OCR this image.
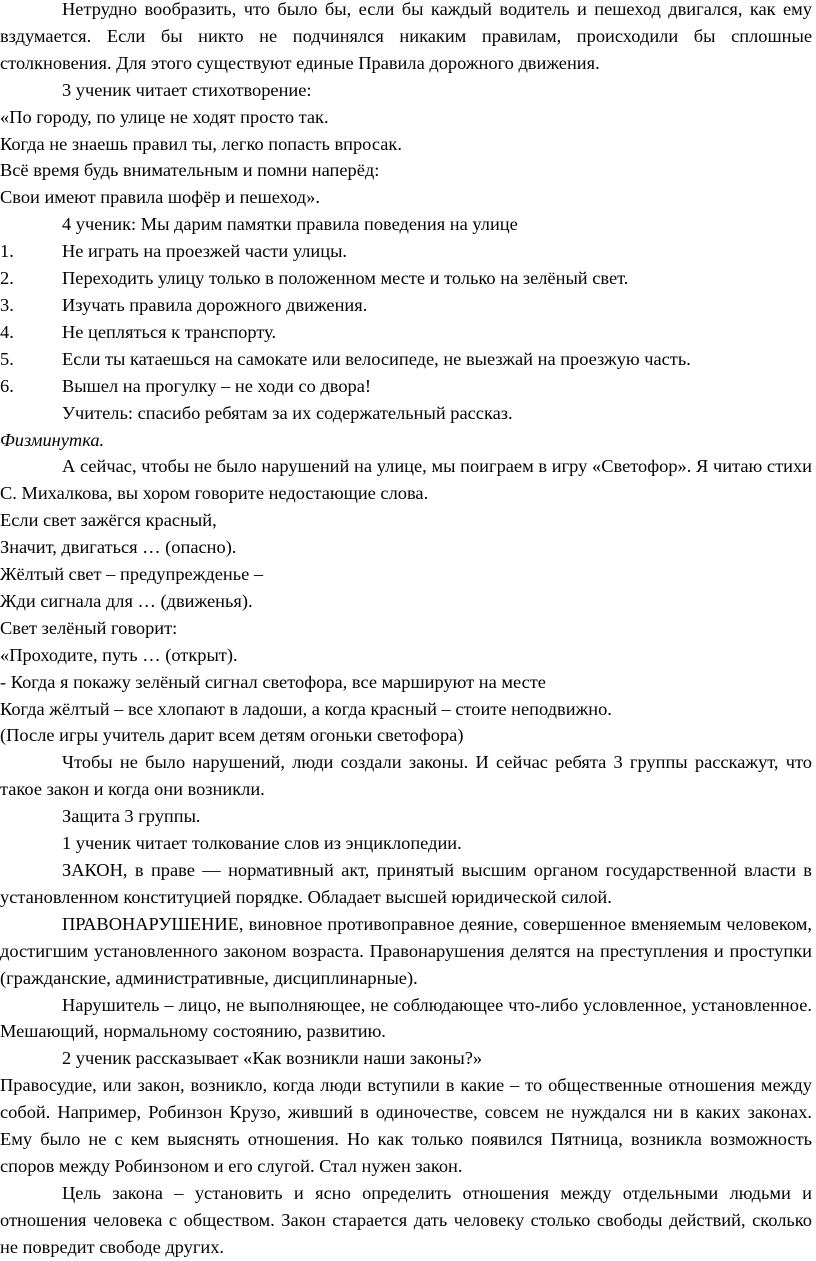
Нетрудно вообразить, что было бы, если бы каждый водитель и пешеход двигался, как ему вздумается. Если бы никто не подчинялся никаким правилам, происходили бы сплошные столкновения. Для этого существуют единые Правила дорожного движения.

3 ученик читает стихотворение:

«По городу, по улице не ходят просто так.

Когда не знаешь правил ты, легко попасть впросак.

Всё время будь внимательным и помни наперёд:

Свои имеют правила шофёр и пешеход».

4 ученик: Мы дарим памятки правила поведения на улице

1.	Не играть на проезжей части улицы.
2.	Переходить улицу только в положенном месте и только на зелёный свет.
3.	Изучать правила дорожного движения.
4.	Не цепляться к транспорту.
5.	Если ты катаешься на самокате или велосипеде, не выезжай на проезжую часть.
6.	Вышел на прогулку – не ходи со двора!

Учитель: спасибо ребятам за их содержательный рассказ.

Физминутка.

А сейчас, чтобы не было нарушений на улице, мы поиграем в игру «Светофор». Я читаю стихи С. Михалкова, вы хором говорите недостающие слова.

Если свет зажёгся красный,

Значит, двигаться … (опасно).

Жёлтый свет – предупрежденье –

Жди сигнала для … (движенья).

Свет зелёный говорит:

«Проходите, путь … (открыт).

- Когда я покажу зелёный сигнал светофора, все маршируют на месте

Когда жёлтый – все хлопают в ладоши, а когда красный – стоите неподвижно.

(После игры учитель дарит всем детям огоньки светофора)

Чтобы не было нарушений, люди создали законы. И сейчас ребята 3 группы расскажут, что такое закон и когда они возникли.

Защита 3 группы.

1 ученик читает толкование слов из энциклопедии.

ЗАКОН, в праве — нормативный акт, принятый высшим органом государственной власти в установленном конституцией порядке. Обладает высшей юридической силой.

ПРАВОНАРУШЕНИЕ, виновное противоправное деяние, совершенное вменяемым человеком, достигшим установленного законом возраста. Правонарушения делятся на преступления и проступки (гражданские, административные, дисциплинарные).

Нарушитель – лицо, не выполняющее, не соблюдающее что-либо условленное, установленное. Мешающий, нормальному состоянию, развитию.

2 ученик рассказывает «Как возникли наши законы?»

Правосудие, или закон, возникло, когда люди вступили в какие – то общественные отношения между собой. Например, Робинзон Крузо, живший в одиночестве, совсем не нуждался ни в каких законах. Ему было не с кем выяснять отношения. Но как только появился Пятница, возникла возможность споров между Робинзоном и его слугой. Стал нужен закон.

Цель закона – установить и ясно определить отношения между отдельными людьми и отношения человека с обществом. Закон старается дать человеку столько свободы действий, сколько не повредит свободе других.
